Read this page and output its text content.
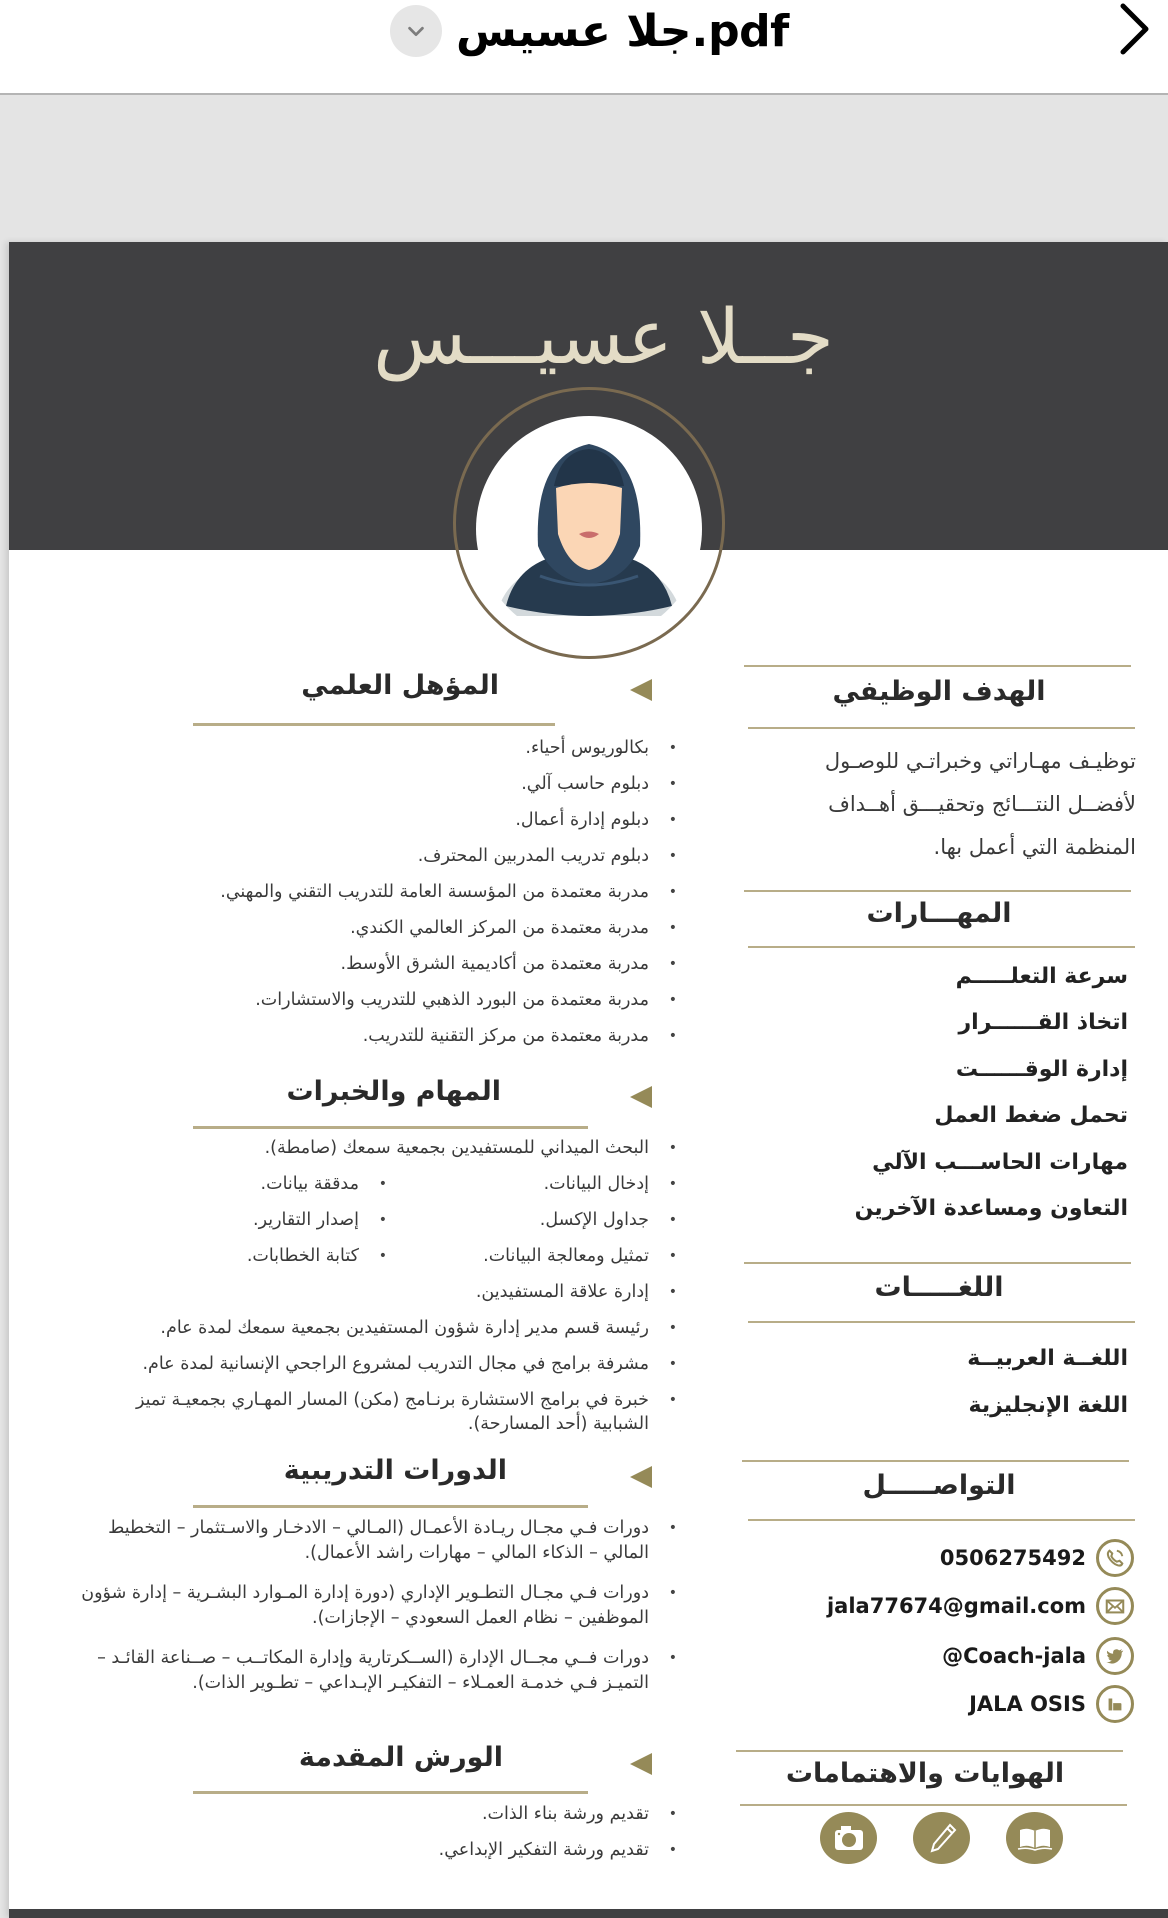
جلا عسيس.pdf
جــلا عسيـــس
الهدف الوظيفي
توظيـف مهـاراتي وخبراتـي للوصـول
لأفضــل النتـــائج وتحقيـــق أهــداف
المنظمة التي أعمل بها.
المهـــارات
سرعة التعلـــــم
اتخاذ القــــــرار
إدارة الوقــــــت
تحمل ضغط العمل
مهارات الحاســـب الآلي
التعاون ومساعدة الآخرين
اللغـــــات
اللغــة العربيــة
اللغة الإنجليزية
التواصـــــل
0506275492
jala77674@gmail.com
@Coach-jala
JALA OSIS
الهوايات والاهتمامات
المؤهل العلمي
• بكالوريوس أحياء.
• دبلوم حاسب آلي.
• دبلوم إدارة أعمال.
• دبلوم تدريب المدربين المحترف.
• مدربة معتمدة من المؤسسة العامة للتدريب التقني والمهني.
• مدربة معتمدة من المركز العالمي الكندي.
• مدربة معتمدة من أكاديمية الشرق الأوسط.
• مدربة معتمدة من البورد الذهبي للتدريب والاستشارات.
• مدربة معتمدة من مركز التقنية للتدريب.
المهام والخبرات
• البحث الميداني للمستفيدين بجمعية سمعك (صامطة).
• إدخال البيانات.
• مدققة بيانات.
• جداول الإكسل.
• إصدار التقارير.
• تمثيل ومعالجة البيانات.
• كتابة الخطابات.
• إدارة علاقة المستفيدين.
• رئيسة قسم مدير إدارة شؤون المستفيدين بجمعية سمعك لمدة عام.
• مشرفة برامج في مجال التدريب لمشروع الراجحي الإنسانية لمدة عام.
• خبرة في برامج الاستشارة برنـامج (مكن) المسار المهـاري بجمعيـة تميز الشبابية (أحد المسارحة).
الدورات التدريبية
• دورات فـي مجـال ريـادة الأعمـال (المـالي – الادخـار والاسـتثمار – التخطيط المالي – الذكاء المالي – مهارات راشد الأعمال).
• دورات فـي مجـال التطـوير الإداري (دورة إدارة المـوارد البشـرية – إدارة شؤون الموظفين – نظام العمل السعودي – الإجازات).
• دورات فــي مجــال الإدارة (الســكرتارية وإدارة المكاتــب – صــناعة القائـد – التميـز فـي خدمـة العمـلاء – التفكيـر الإبـداعي – تطـوير الذات).
الورش المقدمة
• تقديم ورشة بناء الذات.
• تقديم ورشة التفكير الإبداعي.
